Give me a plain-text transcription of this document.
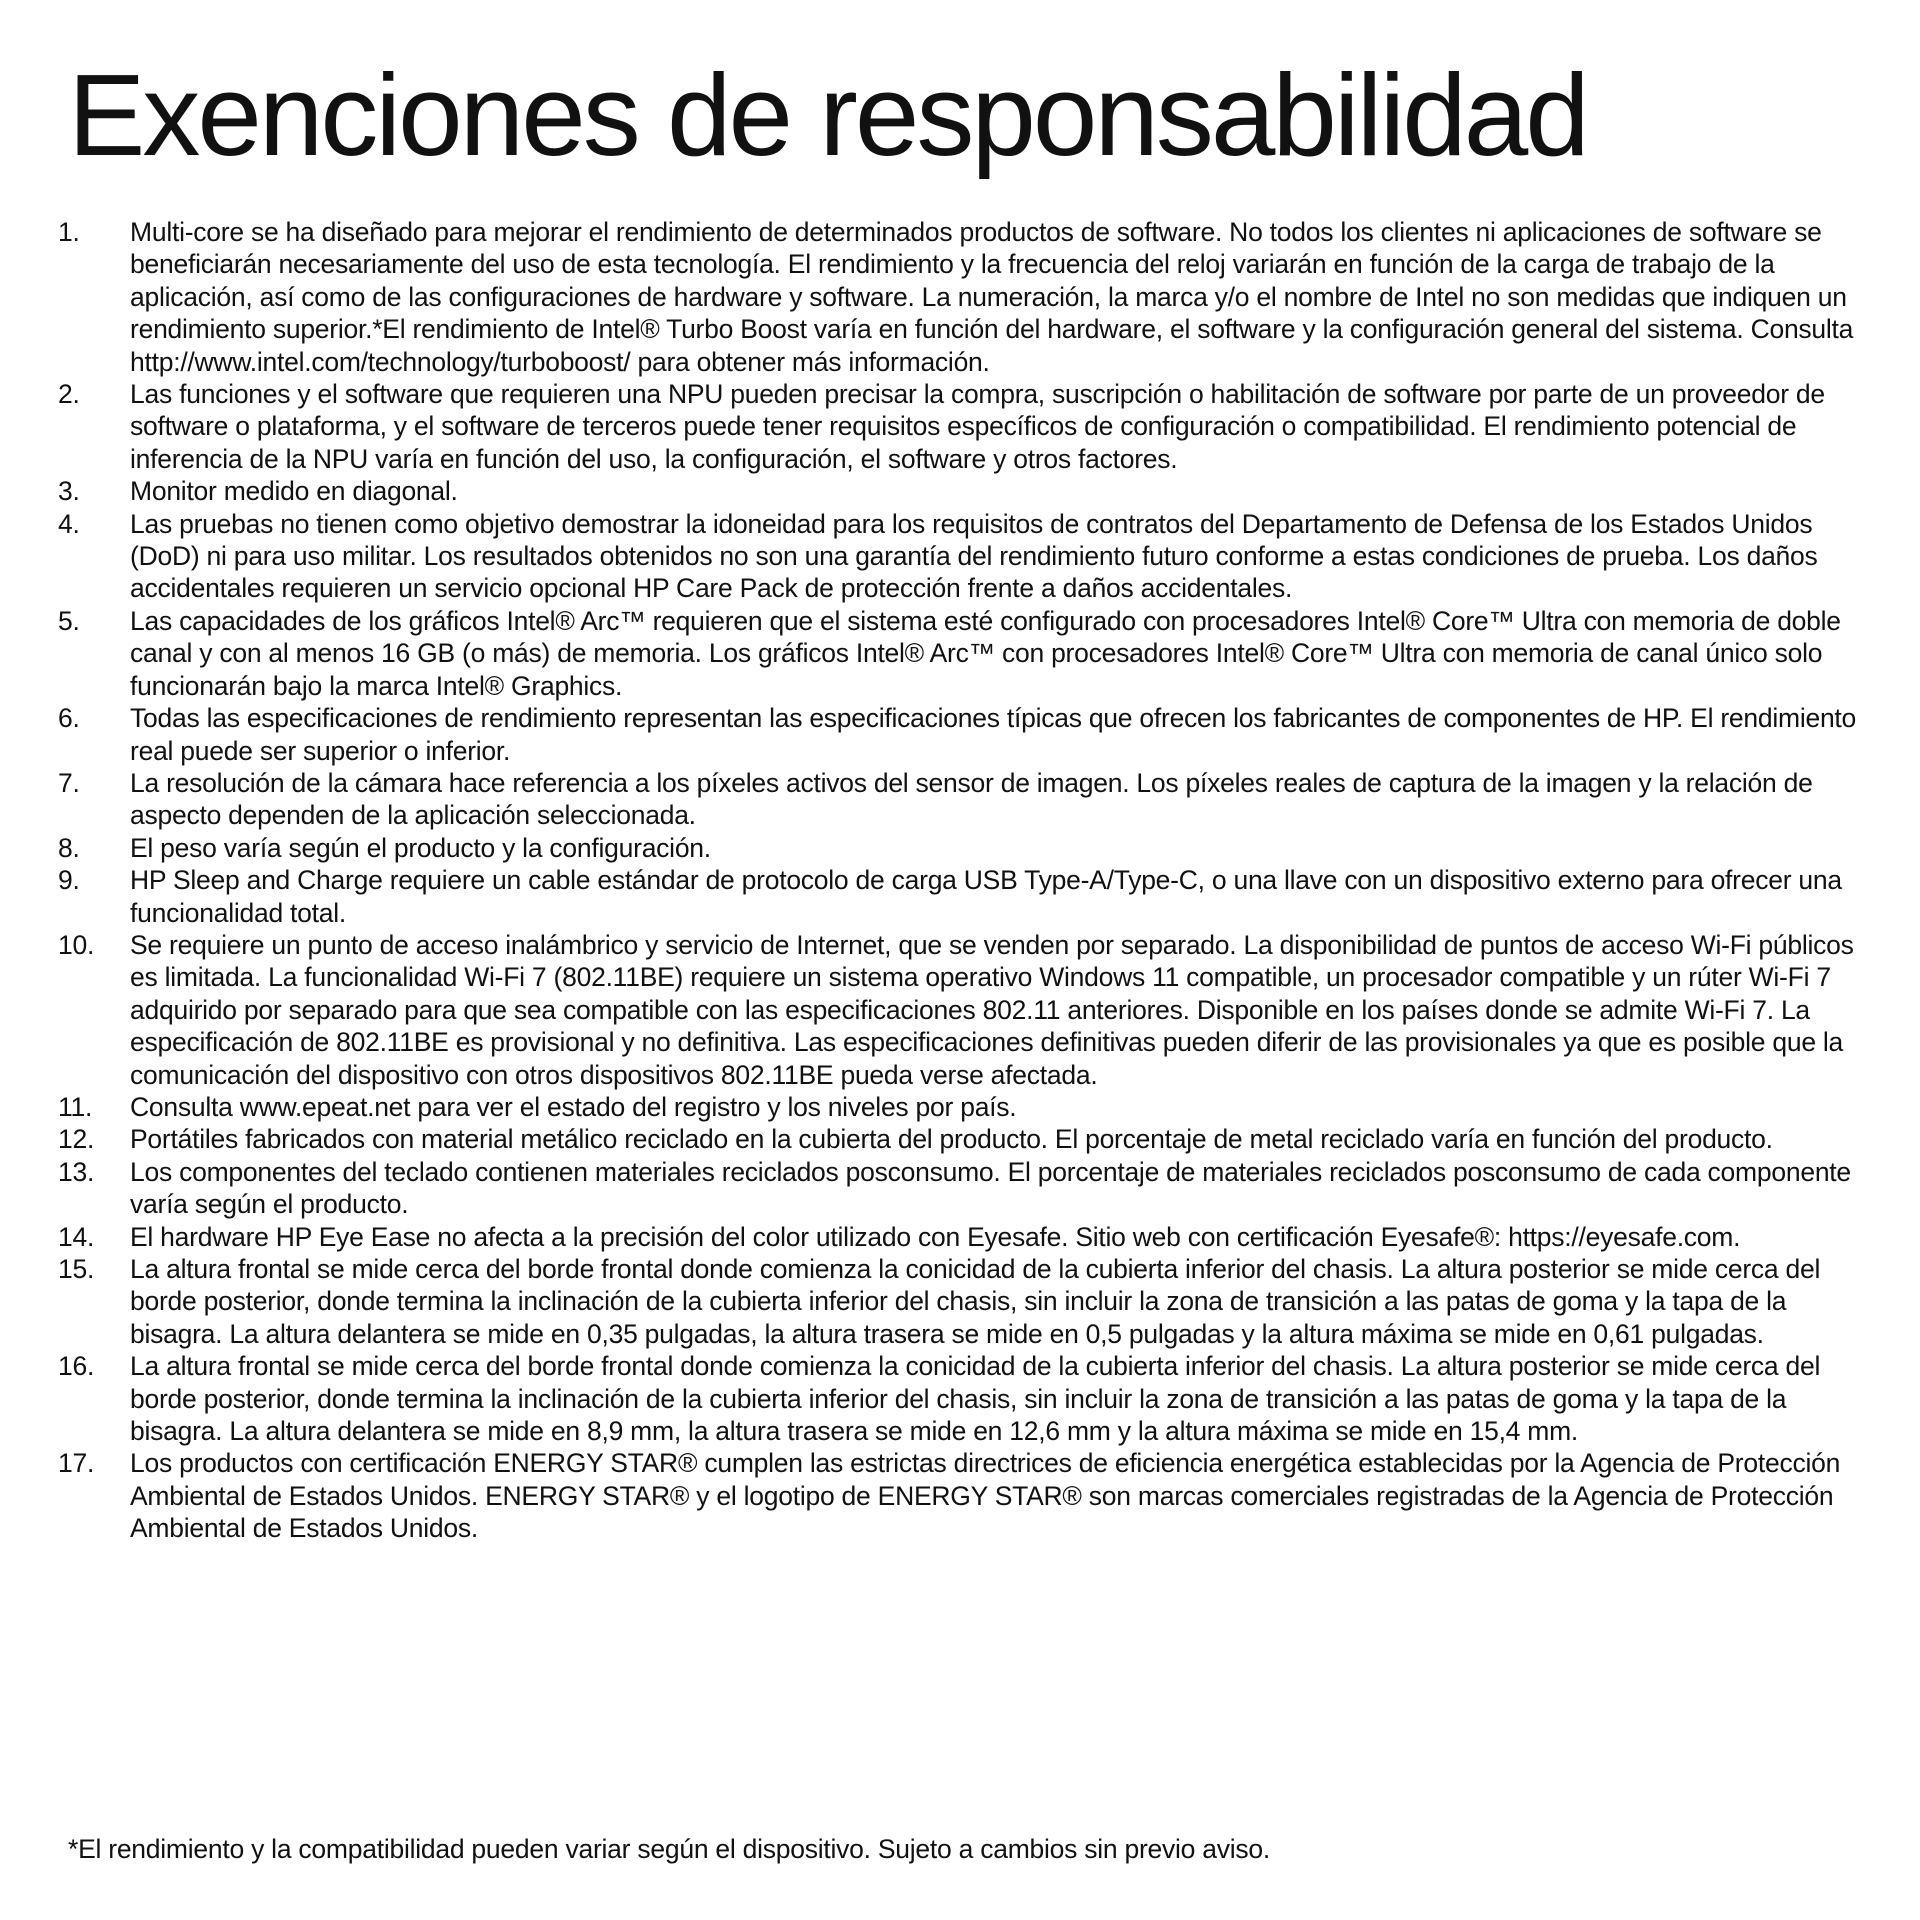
Exenciones de responsabilidad
1.	Multi-core se ha diseñado para mejorar el rendimiento de determinados productos de software. No todos los clientes ni aplicaciones de software se beneficiarán necesariamente del uso de esta tecnología. El rendimiento y la frecuencia del reloj variarán en función de la carga de trabajo de la aplicación, así como de las configuraciones de hardware y software. La numeración, la marca y/o el nombre de Intel no son medidas que indiquen un rendimiento superior.*El rendimiento de Intel® Turbo Boost varía en función del hardware, el software y la configuración general del sistema. Consulta http://www.intel.com/technology/turboboost/ para obtener más información.
2.	Las funciones y el software que requieren una NPU pueden precisar la compra, suscripción o habilitación de software por parte de un proveedor de software o plataforma, y el software de terceros puede tener requisitos específicos de configuración o compatibilidad. El rendimiento potencial de inferencia de la NPU varía en función del uso, la configuración, el software y otros factores.
3.	Monitor medido en diagonal.
4.	Las pruebas no tienen como objetivo demostrar la idoneidad para los requisitos de contratos del Departamento de Defensa de los Estados Unidos (DoD) ni para uso militar. Los resultados obtenidos no son una garantía del rendimiento futuro conforme a estas condiciones de prueba. Los daños accidentales requieren un servicio opcional HP Care Pack de protección frente a daños accidentales.
5.	Las capacidades de los gráficos Intel® Arc™ requieren que el sistema esté configurado con procesadores Intel® Core™ Ultra con memoria de doble canal y con al menos 16 GB (o más) de memoria. Los gráficos Intel® Arc™ con procesadores Intel® Core™ Ultra con memoria de canal único solo funcionarán bajo la marca Intel® Graphics.
6.	Todas las especificaciones de rendimiento representan las especificaciones típicas que ofrecen los fabricantes de componentes de HP. El rendimiento real puede ser superior o inferior.
7.	La resolución de la cámara hace referencia a los píxeles activos del sensor de imagen. Los píxeles reales de captura de la imagen y la relación de aspecto dependen de la aplicación seleccionada.
8.	El peso varía según el producto y la configuración.
9.	HP Sleep and Charge requiere un cable estándar de protocolo de carga USB Type-A/Type-C, o una llave con un dispositivo externo para ofrecer una funcionalidad total.
10.	Se requiere un punto de acceso inalámbrico y servicio de Internet, que se venden por separado. La disponibilidad de puntos de acceso Wi-Fi públicos es limitada. La funcionalidad Wi-Fi 7 (802.11BE) requiere un sistema operativo Windows 11 compatible, un procesador compatible y un rúter Wi-Fi 7 adquirido por separado para que sea compatible con las especificaciones 802.11 anteriores. Disponible en los países donde se admite Wi-Fi 7. La especificación de 802.11BE es provisional y no definitiva. Las especificaciones definitivas pueden diferir de las provisionales ya que es posible que la comunicación del dispositivo con otros dispositivos 802.11BE pueda verse afectada.
11.	Consulta www.epeat.net para ver el estado del registro y los niveles por país.
12.	Portátiles fabricados con material metálico reciclado en la cubierta del producto. El porcentaje de metal reciclado varía en función del producto.
13.	Los componentes del teclado contienen materiales reciclados posconsumo. El porcentaje de materiales reciclados posconsumo de cada componente varía según el producto.
14.	El hardware HP Eye Ease no afecta a la precisión del color utilizado con Eyesafe. Sitio web con certificación Eyesafe®: https://eyesafe.com.
15.	La altura frontal se mide cerca del borde frontal donde comienza la conicidad de la cubierta inferior del chasis. La altura posterior se mide cerca del borde posterior, donde termina la inclinación de la cubierta inferior del chasis, sin incluir la zona de transición a las patas de goma y la tapa de la bisagra. La altura delantera se mide en 0,35 pulgadas, la altura trasera se mide en 0,5 pulgadas y la altura máxima se mide en 0,61 pulgadas.
16.	La altura frontal se mide cerca del borde frontal donde comienza la conicidad de la cubierta inferior del chasis. La altura posterior se mide cerca del borde posterior, donde termina la inclinación de la cubierta inferior del chasis, sin incluir la zona de transición a las patas de goma y la tapa de la bisagra. La altura delantera se mide en 8,9 mm, la altura trasera se mide en 12,6 mm y la altura máxima se mide en 15,4 mm.
17.	Los productos con certificación ENERGY STAR® cumplen las estrictas directrices de eficiencia energética establecidas por la Agencia de Protección Ambiental de Estados Unidos. ENERGY STAR® y el logotipo de ENERGY STAR® son marcas comerciales registradas de la Agencia de Protección Ambiental de Estados Unidos.

*El rendimiento y la compatibilidad pueden variar según el dispositivo. Sujeto a cambios sin previo aviso.
